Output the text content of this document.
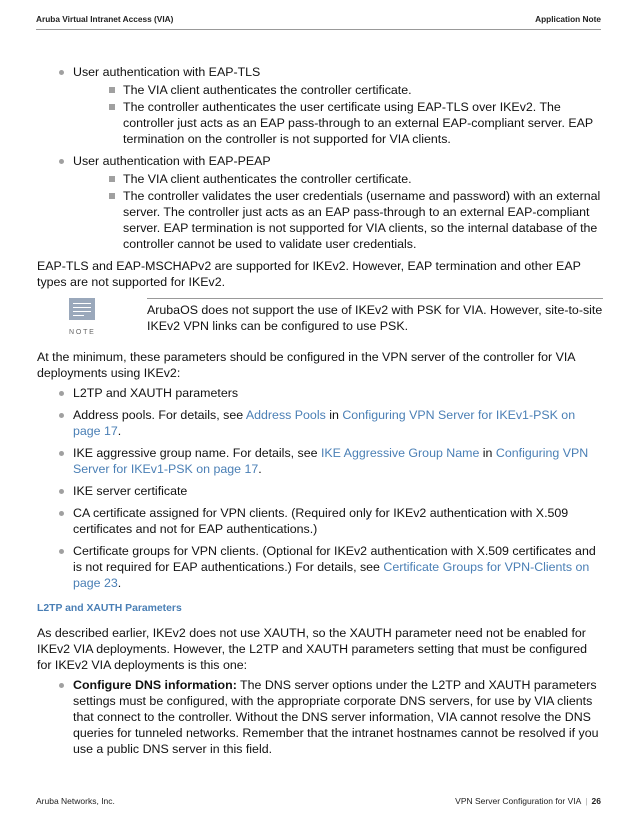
Aruba Virtual Intranet Access (VIA)	Application Note
User authentication with EAP-TLS
The VIA client authenticates the controller certificate.
The controller authenticates the user certificate using EAP-TLS over IKEv2. The controller just acts as an EAP pass-through to an external EAP-compliant server. EAP termination on the controller is not supported for VIA clients.
User authentication with EAP-PEAP
The VIA client authenticates the controller certificate.
The controller validates the user credentials (username and password) with an external server. The controller just acts as an EAP pass-through to an external EAP-compliant server. EAP termination is not supported for VIA clients, so the internal database of the controller cannot be used to validate user credentials.

EAP-TLS and EAP-MSCHAPv2 are supported for IKEv2. However, EAP termination and other EAP types are not supported for IKEv2.

NOTE
ArubaOS does not support the use of IKEv2 with PSK for VIA. However, site-to-site IKEv2 VPN links can be configured to use PSK.

At the minimum, these parameters should be configured in the VPN server of the controller for VIA deployments using IKEv2:

L2TP and XAUTH parameters
Address pools. For details, see Address Pools in Configuring VPN Server for IKEv1-PSK on page 17.
IKE aggressive group name. For details, see IKE Aggressive Group Name in Configuring VPN Server for IKEv1-PSK on page 17.
IKE server certificate
CA certificate assigned for VPN clients. (Required only for IKEv2 authentication with X.509 certificates and not for EAP authentications.)
Certificate groups for VPN clients. (Optional for IKEv2 authentication with X.509 certificates and is not required for EAP authentications.) For details, see Certificate Groups for VPN-Clients on page 23.
L2TP and XAUTH Parameters

As described earlier, IKEv2 does not use XAUTH, so the XAUTH parameter need not be enabled for IKEv2 VIA deployments. However, the L2TP and XAUTH parameters setting that must be configured for IKEv2 VIA deployments is this one:

Configure DNS information: The DNS server options under the L2TP and XAUTH parameters settings must be configured, with the appropriate corporate DNS servers, for use by VIA clients that connect to the controller. Without the DNS server information, VIA cannot resolve the DNS queries for tunneled networks. Remember that the intranet hostnames cannot be resolved if you use a public DNS server in this field.
Aruba Networks, Inc.	VPN Server Configuration for VIA | 26
